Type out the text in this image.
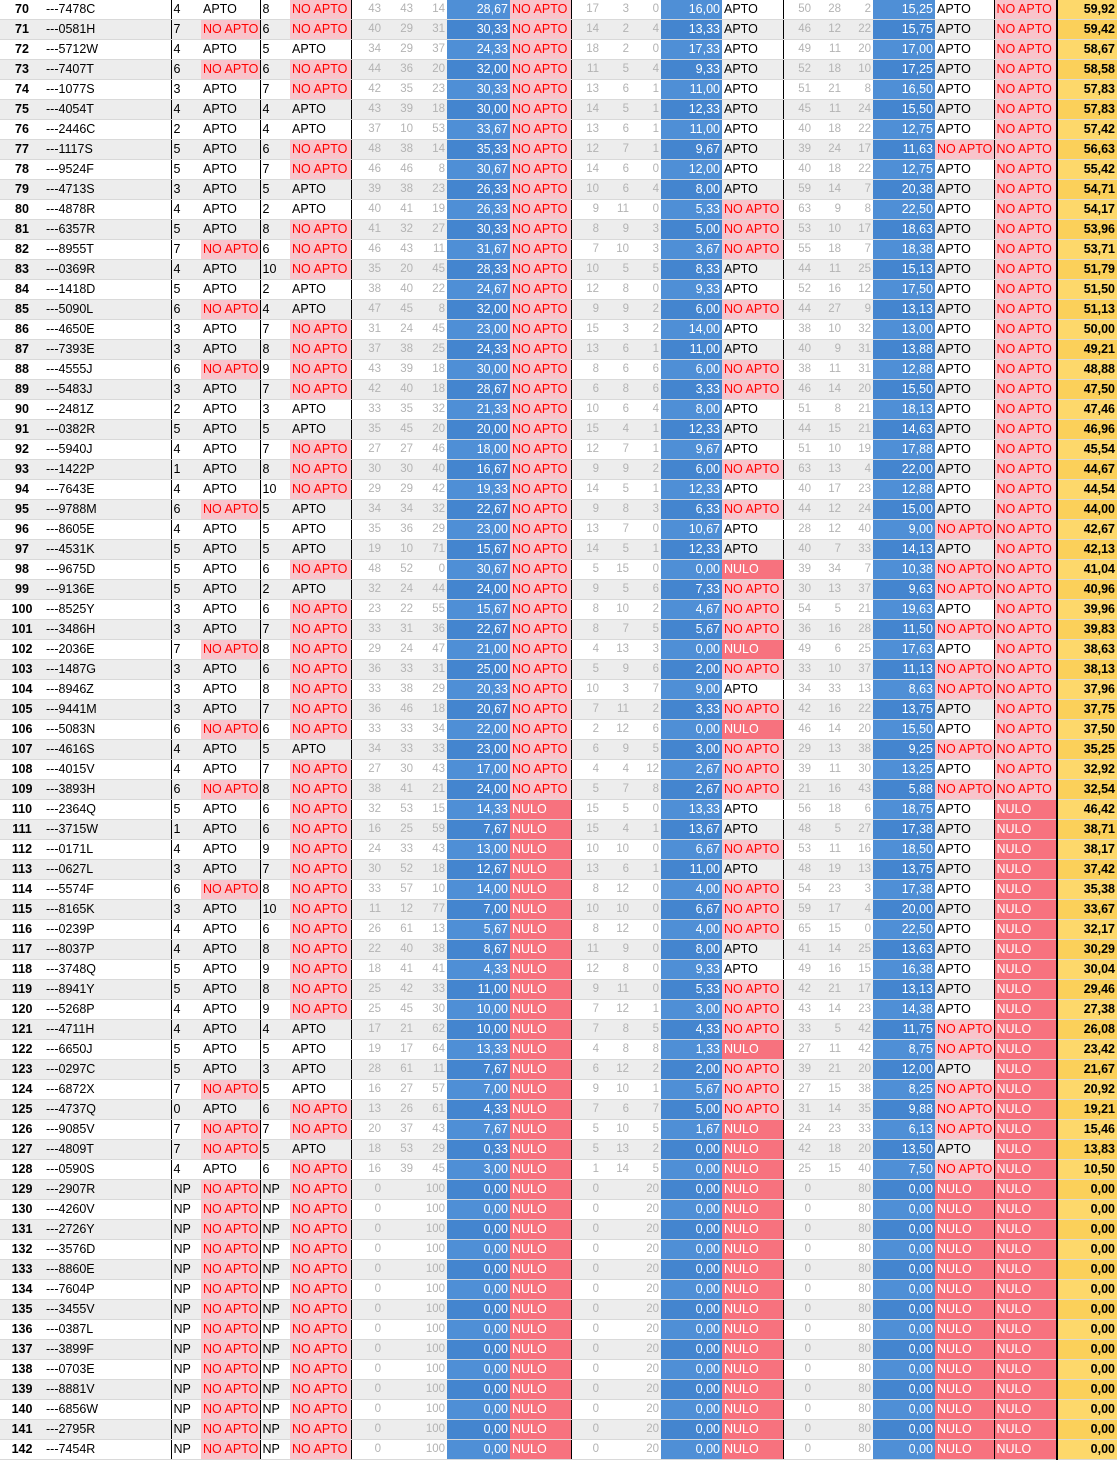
70	---7478C	4	APTO	8	NO APTO	43	43	14	28,67	NO APTO	17	3	0	16,00	APTO	50	28	2	15,25	APTO	NO APTO	59,92
71	---0581H	7	NO APTO	6	NO APTO	40	29	31	30,33	NO APTO	14	2	4	13,33	APTO	46	12	22	15,75	APTO	NO APTO	59,42
72	---5712W	4	APTO	5	APTO	34	29	37	24,33	NO APTO	18	2	0	17,33	APTO	49	11	20	17,00	APTO	NO APTO	58,67
73	---7407T	6	NO APTO	6	NO APTO	44	36	20	32,00	NO APTO	11	5	4	9,33	APTO	52	18	10	17,25	APTO	NO APTO	58,58
74	---1077S	3	APTO	7	NO APTO	42	35	23	30,33	NO APTO	13	6	1	11,00	APTO	51	21	8	16,50	APTO	NO APTO	57,83
75	---4054T	4	APTO	4	APTO	43	39	18	30,00	NO APTO	14	5	1	12,33	APTO	45	11	24	15,50	APTO	NO APTO	57,83
76	---2446C	2	APTO	4	APTO	37	10	53	33,67	NO APTO	13	6	1	11,00	APTO	40	18	22	12,75	APTO	NO APTO	57,42
77	---1117S	5	APTO	6	NO APTO	48	38	14	35,33	NO APTO	12	7	1	9,67	APTO	39	24	17	11,63	NO APTO	NO APTO	56,63
78	---9524F	5	APTO	7	NO APTO	46	46	8	30,67	NO APTO	14	6	0	12,00	APTO	40	18	22	12,75	APTO	NO APTO	55,42
79	---4713S	3	APTO	5	APTO	39	38	23	26,33	NO APTO	10	6	4	8,00	APTO	59	14	7	20,38	APTO	NO APTO	54,71
80	---4878R	4	APTO	2	APTO	40	41	19	26,33	NO APTO	9	11	0	5,33	NO APTO	63	9	8	22,50	APTO	NO APTO	54,17
81	---6357R	5	APTO	8	NO APTO	41	32	27	30,33	NO APTO	8	9	3	5,00	NO APTO	53	10	17	18,63	APTO	NO APTO	53,96
82	---8955T	7	NO APTO	6	NO APTO	46	43	11	31,67	NO APTO	7	10	3	3,67	NO APTO	55	18	7	18,38	APTO	NO APTO	53,71
83	---0369R	4	APTO	10	NO APTO	35	20	45	28,33	NO APTO	10	5	5	8,33	APTO	44	11	25	15,13	APTO	NO APTO	51,79
84	---1418D	5	APTO	2	APTO	38	40	22	24,67	NO APTO	12	8	0	9,33	APTO	52	16	12	17,50	APTO	NO APTO	51,50
85	---5090L	6	NO APTO	4	APTO	47	45	8	32,00	NO APTO	9	9	2	6,00	NO APTO	44	27	9	13,13	APTO	NO APTO	51,13
86	---4650E	3	APTO	7	NO APTO	31	24	45	23,00	NO APTO	15	3	2	14,00	APTO	38	10	32	13,00	APTO	NO APTO	50,00
87	---7393E	3	APTO	8	NO APTO	37	38	25	24,33	NO APTO	13	6	1	11,00	APTO	40	9	31	13,88	APTO	NO APTO	49,21
88	---4555J	6	NO APTO	9	NO APTO	43	39	18	30,00	NO APTO	8	6	6	6,00	NO APTO	38	11	31	12,88	APTO	NO APTO	48,88
89	---5483J	3	APTO	7	NO APTO	42	40	18	28,67	NO APTO	6	8	6	3,33	NO APTO	46	14	20	15,50	APTO	NO APTO	47,50
90	---2481Z	2	APTO	3	APTO	33	35	32	21,33	NO APTO	10	6	4	8,00	APTO	51	8	21	18,13	APTO	NO APTO	47,46
91	---0382R	5	APTO	5	APTO	35	45	20	20,00	NO APTO	15	4	1	12,33	APTO	44	15	21	14,63	APTO	NO APTO	46,96
92	---5940J	4	APTO	7	NO APTO	27	27	46	18,00	NO APTO	12	7	1	9,67	APTO	51	10	19	17,88	APTO	NO APTO	45,54
93	---1422P	1	APTO	8	NO APTO	30	30	40	16,67	NO APTO	9	9	2	6,00	NO APTO	63	13	4	22,00	APTO	NO APTO	44,67
94	---7643E	4	APTO	10	NO APTO	29	29	42	19,33	NO APTO	14	5	1	12,33	APTO	40	17	23	12,88	APTO	NO APTO	44,54
95	---9788M	6	NO APTO	5	APTO	34	34	32	22,67	NO APTO	9	8	3	6,33	NO APTO	44	12	24	15,00	APTO	NO APTO	44,00
96	---8605E	4	APTO	5	APTO	35	36	29	23,00	NO APTO	13	7	0	10,67	APTO	28	12	40	9,00	NO APTO	NO APTO	42,67
97	---4531K	5	APTO	5	APTO	19	10	71	15,67	NO APTO	14	5	1	12,33	APTO	40	7	33	14,13	APTO	NO APTO	42,13
98	---9675D	5	APTO	6	NO APTO	48	52	0	30,67	NO APTO	5	15	0	0,00	NULO	39	34	7	10,38	NO APTO	NO APTO	41,04
99	---9136E	5	APTO	2	APTO	32	24	44	24,00	NO APTO	9	5	6	7,33	NO APTO	30	13	37	9,63	NO APTO	NO APTO	40,96
100	---8525Y	3	APTO	6	NO APTO	23	22	55	15,67	NO APTO	8	10	2	4,67	NO APTO	54	5	21	19,63	APTO	NO APTO	39,96
101	---3486H	3	APTO	7	NO APTO	33	31	36	22,67	NO APTO	8	7	5	5,67	NO APTO	36	16	28	11,50	NO APTO	NO APTO	39,83
102	---2036E	7	NO APTO	8	NO APTO	29	24	47	21,00	NO APTO	4	13	3	0,00	NULO	49	6	25	17,63	APTO	NO APTO	38,63
103	---1487G	3	APTO	6	NO APTO	36	33	31	25,00	NO APTO	5	9	6	2,00	NO APTO	33	10	37	11,13	NO APTO	NO APTO	38,13
104	---8946Z	3	APTO	8	NO APTO	33	38	29	20,33	NO APTO	10	3	7	9,00	APTO	34	33	13	8,63	NO APTO	NO APTO	37,96
105	---9441M	3	APTO	7	NO APTO	36	46	18	20,67	NO APTO	7	11	2	3,33	NO APTO	42	16	22	13,75	APTO	NO APTO	37,75
106	---5083N	6	NO APTO	6	NO APTO	33	33	34	22,00	NO APTO	2	12	6	0,00	NULO	46	14	20	15,50	APTO	NO APTO	37,50
107	---4616S	4	APTO	5	APTO	34	33	33	23,00	NO APTO	6	9	5	3,00	NO APTO	29	13	38	9,25	NO APTO	NO APTO	35,25
108	---4015V	4	APTO	7	NO APTO	27	30	43	17,00	NO APTO	4	4	12	2,67	NO APTO	39	11	30	13,25	APTO	NO APTO	32,92
109	---3893H	6	NO APTO	8	NO APTO	38	41	21	24,00	NO APTO	5	7	8	2,67	NO APTO	21	16	43	5,88	NO APTO	NO APTO	32,54
110	---2364Q	5	APTO	6	NO APTO	32	53	15	14,33	NULO	15	5	0	13,33	APTO	56	18	6	18,75	APTO	NULO	46,42
111	---3715W	1	APTO	6	NO APTO	16	25	59	7,67	NULO	15	4	1	13,67	APTO	48	5	27	17,38	APTO	NULO	38,71
112	---0171L	4	APTO	9	NO APTO	24	33	43	13,00	NULO	10	10	0	6,67	NO APTO	53	11	16	18,50	APTO	NULO	38,17
113	---0627L	3	APTO	7	NO APTO	30	52	18	12,67	NULO	13	6	1	11,00	APTO	48	19	13	13,75	APTO	NULO	37,42
114	---5574F	6	NO APTO	8	NO APTO	33	57	10	14,00	NULO	8	12	0	4,00	NO APTO	54	23	3	17,38	APTO	NULO	35,38
115	---8165K	3	APTO	10	NO APTO	11	12	77	7,00	NULO	10	10	0	6,67	NO APTO	59	17	4	20,00	APTO	NULO	33,67
116	---0239P	4	APTO	6	NO APTO	26	61	13	5,67	NULO	8	12	0	4,00	NO APTO	65	15	0	22,50	APTO	NULO	32,17
117	---8037P	4	APTO	8	NO APTO	22	40	38	8,67	NULO	11	9	0	8,00	APTO	41	14	25	13,63	APTO	NULO	30,29
118	---3748Q	5	APTO	9	NO APTO	18	41	41	4,33	NULO	12	8	0	9,33	APTO	49	16	15	16,38	APTO	NULO	30,04
119	---8941Y	5	APTO	8	NO APTO	25	42	33	11,00	NULO	9	11	0	5,33	NO APTO	42	21	17	13,13	APTO	NULO	29,46
120	---5268P	4	APTO	9	NO APTO	25	45	30	10,00	NULO	7	12	1	3,00	NO APTO	43	14	23	14,38	APTO	NULO	27,38
121	---4711H	4	APTO	4	APTO	17	21	62	10,00	NULO	7	8	5	4,33	NO APTO	33	5	42	11,75	NO APTO	NULO	26,08
122	---6650J	5	APTO	5	APTO	19	17	64	13,33	NULO	4	8	8	1,33	NULO	27	11	42	8,75	NO APTO	NULO	23,42
123	---0297C	5	APTO	3	APTO	28	61	11	7,67	NULO	6	12	2	2,00	NO APTO	39	21	20	12,00	APTO	NULO	21,67
124	---6872X	7	NO APTO	5	APTO	16	27	57	7,00	NULO	9	10	1	5,67	NO APTO	27	15	38	8,25	NO APTO	NULO	20,92
125	---4737Q	0	APTO	6	NO APTO	13	26	61	4,33	NULO	7	6	7	5,00	NO APTO	31	14	35	9,88	NO APTO	NULO	19,21
126	---9085V	7	NO APTO	7	NO APTO	20	37	43	7,67	NULO	5	10	5	1,67	NULO	24	23	33	6,13	NO APTO	NULO	15,46
127	---4809T	7	NO APTO	5	APTO	18	53	29	0,33	NULO	5	13	2	0,00	NULO	42	18	20	13,50	APTO	NULO	13,83
128	---0590S	4	APTO	6	NO APTO	16	39	45	3,00	NULO	1	14	5	0,00	NULO	25	15	40	7,50	NO APTO	NULO	10,50
129	---2907R	NP	NO APTO	NP	NO APTO	0		100	0,00	NULO	0		20	0,00	NULO	0		80	0,00	NULO	NULO	0,00
130	---4260V	NP	NO APTO	NP	NO APTO	0		100	0,00	NULO	0		20	0,00	NULO	0		80	0,00	NULO	NULO	0,00
131	---2726Y	NP	NO APTO	NP	NO APTO	0		100	0,00	NULO	0		20	0,00	NULO	0		80	0,00	NULO	NULO	0,00
132	---3576D	NP	NO APTO	NP	NO APTO	0		100	0,00	NULO	0		20	0,00	NULO	0		80	0,00	NULO	NULO	0,00
133	---8860E	NP	NO APTO	NP	NO APTO	0		100	0,00	NULO	0		20	0,00	NULO	0		80	0,00	NULO	NULO	0,00
134	---7604P	NP	NO APTO	NP	NO APTO	0		100	0,00	NULO	0		20	0,00	NULO	0		80	0,00	NULO	NULO	0,00
135	---3455V	NP	NO APTO	NP	NO APTO	0		100	0,00	NULO	0		20	0,00	NULO	0		80	0,00	NULO	NULO	0,00
136	---0387L	NP	NO APTO	NP	NO APTO	0		100	0,00	NULO	0		20	0,00	NULO	0		80	0,00	NULO	NULO	0,00
137	---3899F	NP	NO APTO	NP	NO APTO	0		100	0,00	NULO	0		20	0,00	NULO	0		80	0,00	NULO	NULO	0,00
138	---0703E	NP	NO APTO	NP	NO APTO	0		100	0,00	NULO	0		20	0,00	NULO	0		80	0,00	NULO	NULO	0,00
139	---8881V	NP	NO APTO	NP	NO APTO	0		100	0,00	NULO	0		20	0,00	NULO	0		80	0,00	NULO	NULO	0,00
140	---6856W	NP	NO APTO	NP	NO APTO	0		100	0,00	NULO	0		20	0,00	NULO	0		80	0,00	NULO	NULO	0,00
141	---2795R	NP	NO APTO	NP	NO APTO	0		100	0,00	NULO	0		20	0,00	NULO	0		80	0,00	NULO	NULO	0,00
142	---7454R	NP	NO APTO	NP	NO APTO	0		100	0,00	NULO	0		20	0,00	NULO	0		80	0,00	NULO	NULO	0,00
